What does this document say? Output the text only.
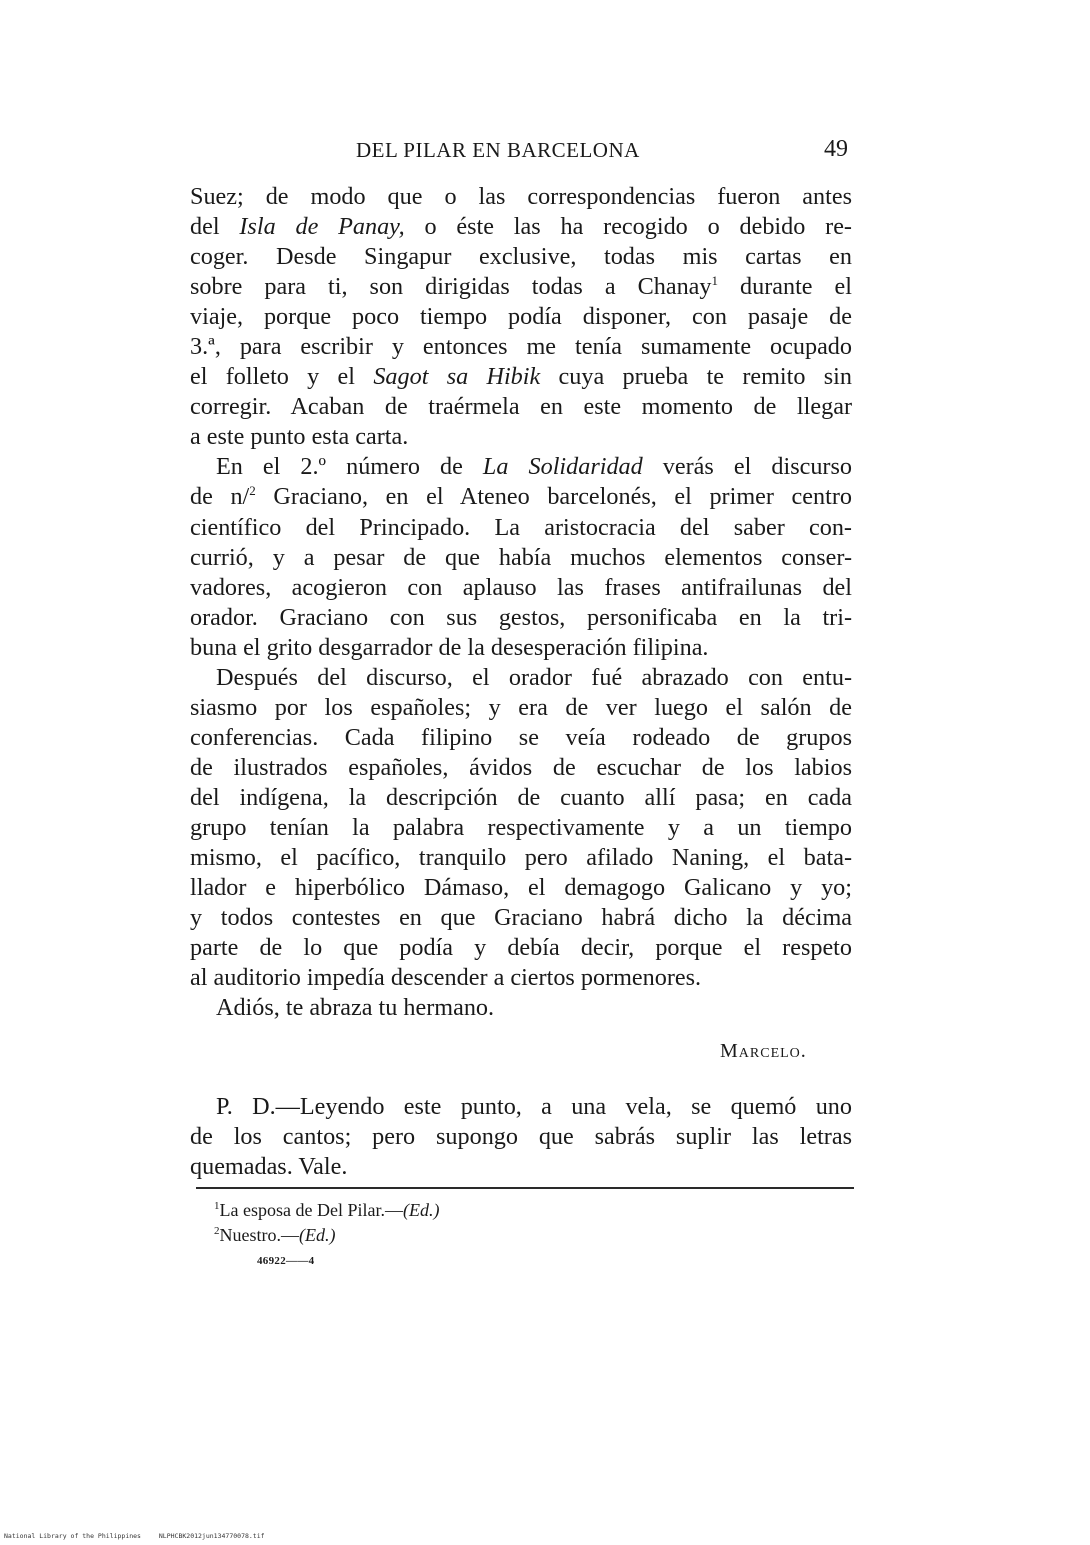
DEL PILAR EN BARCELONA	49

Suez; de modo que o las correspondencias fueron antes
del Isla de Panay, o éste las ha recogido o debido re-
coger. Desde Singapur exclusive, todas mis cartas en
sobre para ti, son dirigidas todas a Chanay$^1$ durante el
viaje, porque poco tiempo podía disponer, con pasaje de
3.ª, para escribir y entonces me tenía sumamente ocupado
el folleto y el Sagot sa Hibik cuya prueba te remito sin
corregir. Acaban de traérmela en este momento de llegar
a este punto esta carta.

En el 2.º número de La Solidaridad verás el discurso
de n/$^2$ Graciano, en el Ateneo barcelonés, el primer centro
científico del Principado. La aristocracia del saber con-
currió, y a pesar de que había muchos elementos conser-
vadores, acogieron con aplauso las frases antifrailunas del
orador. Graciano con sus gestos, personificaba en la tri-
buna el grito desgarrador de la desesperación filipina.

Después del discurso, el orador fué abrazado con entu-
siasmo por los españoles; y era de ver luego el salón de
conferencias. Cada filipino se veía rodeado de grupos
de ilustrados españoles, ávidos de escuchar de los labios
del indígena, la descripción de cuanto allí pasa; en cada
grupo tenían la palabra respectivamente y a un tiempo
mismo, el pacífico, tranquilo pero afilado Naning, el bata-
llador e hiperbólico Dámaso, el demagogo Galicano y yo;
y todos contestes en que Graciano habrá dicho la décima
parte de lo que podía y debía decir, porque el respeto
al auditorio impedía descender a ciertos pormenores.

Adiós, te abraza tu hermano.

Marcelo.
P. D.—Leyendo este punto, a una vela, se quemó uno
de los cantos; pero supongo que sabrás suplir las letras
quemadas. Vale.
$^1$La esposa de Del Pilar.—(Ed.)
$^2$Nuestro.—(Ed.)
46922——4
National Library of the Philippines	NLPHCBK2012jun134770078.tif
